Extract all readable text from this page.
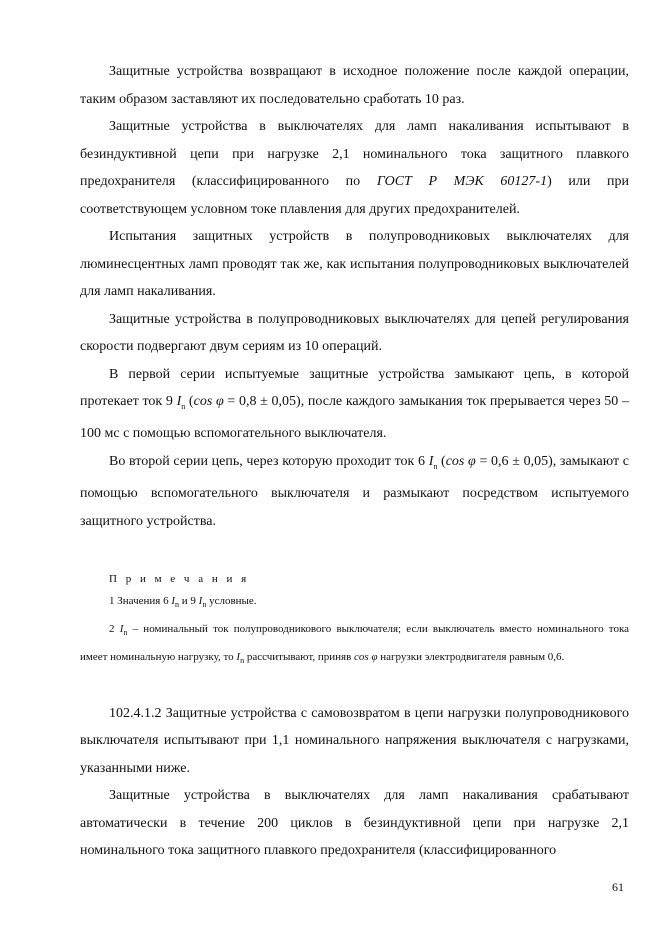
Защитные устройства возвращают в исходное положение после каждой операции, таким образом заставляют их последовательно сработать 10 раз.

Защитные устройства в выключателях для ламп накаливания испытывают в безиндуктивной цепи при нагрузке 2,1 номинального тока защитного плавкого предохранителя (классифицированного по ГОСТ Р МЭК 60127-1) или при соответствующем условном токе плавления для других предохранителей.

Испытания защитных устройств в полупроводниковых выключателях для люминесцентных ламп проводят так же, как испытания полупроводниковых выключателей для ламп накаливания.

Защитные устройства в полупроводниковых выключателях для цепей регулирования скорости подвергают двум сериям из 10 операций.

В первой серии испытуемые защитные устройства замыкают цепь, в которой протекает ток 9 $I_n$ (cos φ = 0,8 ± 0,05), после каждого замыкания ток прерывается через 50 – 100 мс с помощью вспомогательного выключателя.

Во второй серии цепь, через которую проходит ток 6 $I_n$ (cos φ = 0,6 ± 0,05), замыкают с помощью вспомогательного выключателя и размыкают посредством испытуемого защитного устройства.

П р и м е ч а н и я

1 Значения 6 $I_n$ и 9 $I_n$ условные.

2 $I_n$ – номинальный ток полупроводникового выключателя; если выключатель вместо номинального тока имеет номинальную нагрузку, то $I_n$ рассчитывают, приняв cos φ нагрузки электродвигателя равным 0,6.

102.4.1.2 Защитные устройства с самовозвратом в цепи нагрузки полупроводникового выключателя испытывают при 1,1 номинального напряжения выключателя с нагрузками, указанными ниже.

Защитные устройства в выключателях для ламп накаливания срабатывают автоматически в течение 200 циклов в безиндуктивной цепи при нагрузке 2,1 номинального тока защитного плавкого предохранителя (классифицированного

61
